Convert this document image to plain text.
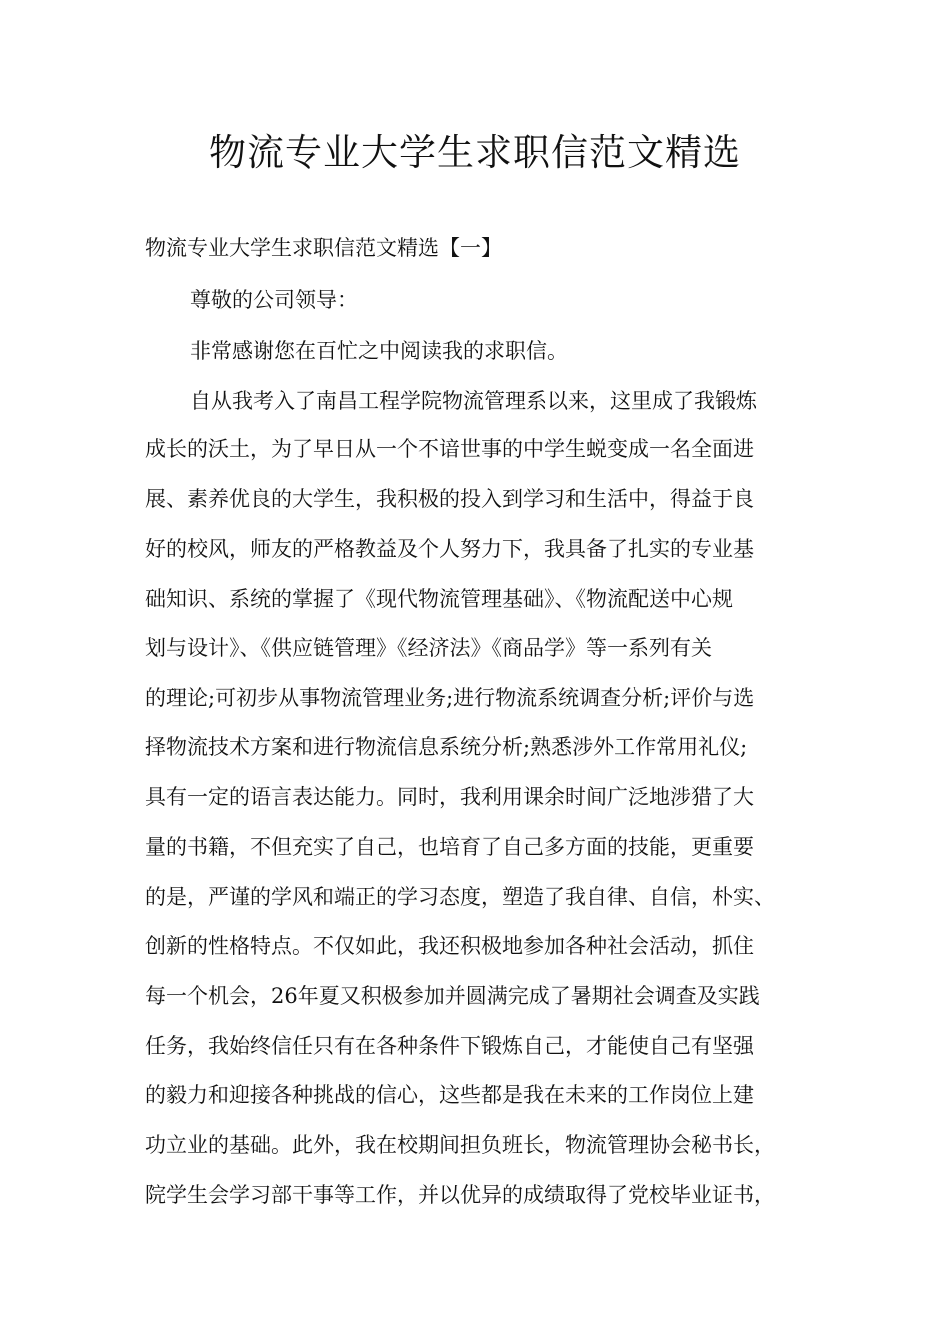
物流专业大学生求职信范文精选

物流专业大学生求职信范文精选【一】

尊敬的公司领导：

非常感谢您在百忙之中阅读我的求职信。

自从我考入了南昌工程学院物流管理系以来，这里成了我锻炼

成长的沃土，为了早日从一个不谙世事的中学生蜕变成一名全面进

展、素养优良的大学生，我积极的投入到学习和生活中，得益于良

好的校风，师友的严格教益及个人努力下，我具备了扎实的专业基

础知识、系统的掌握了《现代物流管理基础》、《物流配送中心规

划与设计》、《供应链管理》《经济法》《商品学》等一系列有关

的理论;可初步从事物流管理业务;进行物流系统调查分析;评价与选

择物流技术方案和进行物流信息系统分析;熟悉涉外工作常用礼仪;

具有一定的语言表达能力。同时，我利用课余时间广泛地涉猎了大

量的书籍，不但充实了自己，也培育了自己多方面的技能，更重要

的是，严谨的学风和端正的学习态度，塑造了我自律、自信，朴实、

创新的性格特点。不仅如此，我还积极地参加各种社会活动，抓住

每一个机会，26年夏又积极参加并圆满完成了暑期社会调查及实践

任务，我始终信任只有在各种条件下锻炼自己，才能使自己有坚强

的毅力和迎接各种挑战的信心，这些都是我在未来的工作岗位上建

功立业的基础。此外，我在校期间担负班长，物流管理协会秘书长，

院学生会学习部干事等工作，并以优异的成绩取得了党校毕业证书，
